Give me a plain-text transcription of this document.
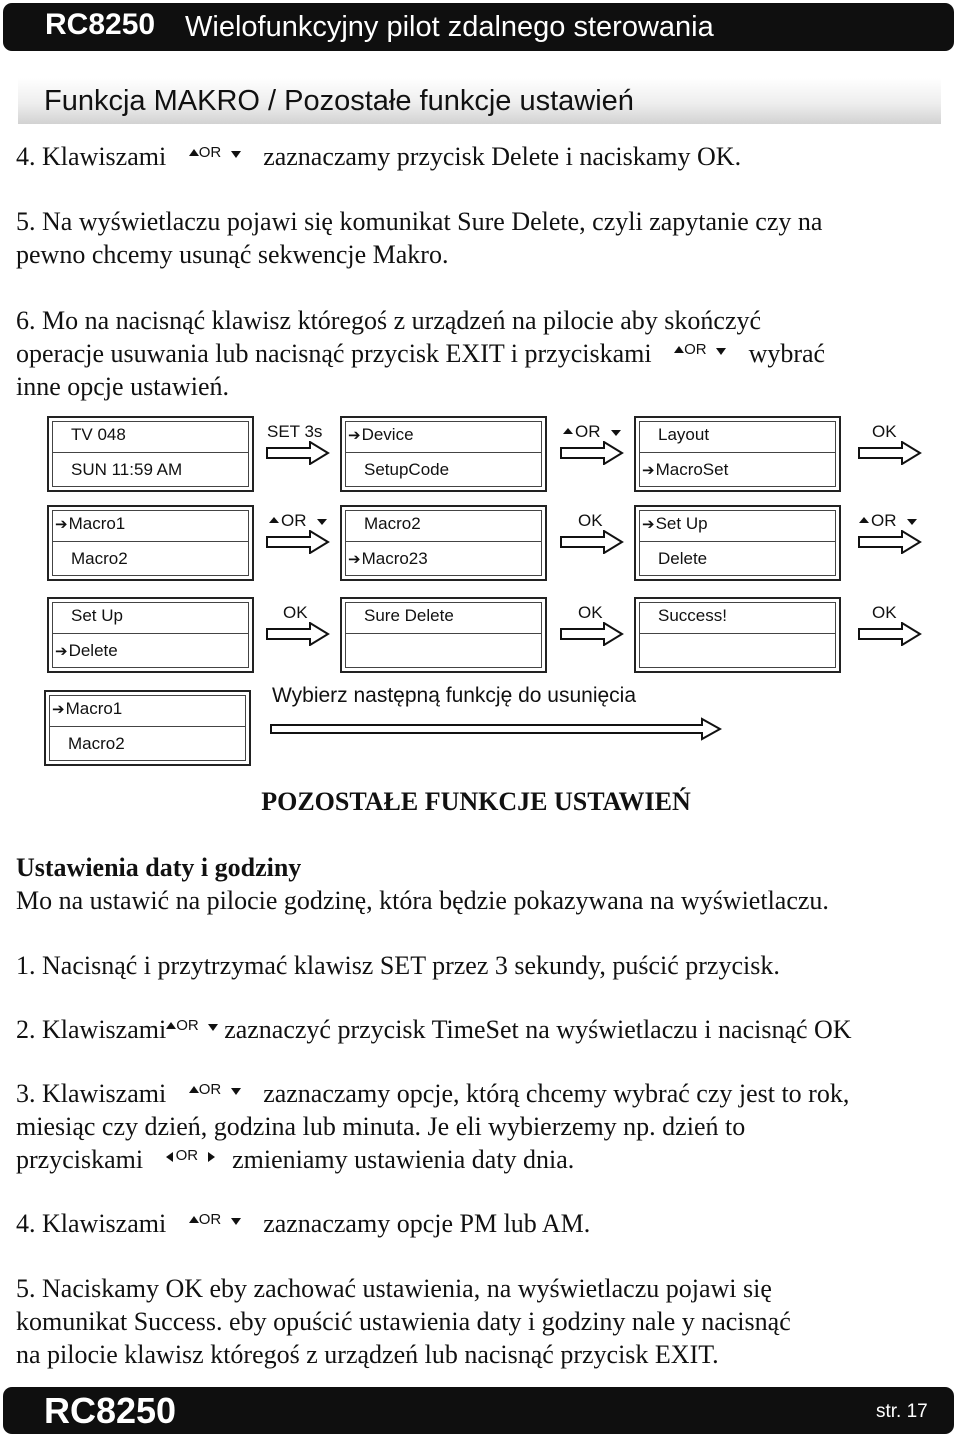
RC8250 Wielofunkcyjny pilot zdalnego sterowania
Funkcja MAKRO / Pozostałe funkcje ustawień
4. Klawiszami OR zaznaczamy przycisk Delete i naciskamy OK.
5. Na wyświetlaczu pojawi się komunikat Sure Delete, czyli zapytanie czy na
pewno chcemy usunąć sekwencje Makro.
6. Mo na nacisnąć klawisz któregoś z urządzeń na pilocie aby skończyć
operacje usuwania lub nacisnąć przycisk EXIT i przyciskami OR wybrać
inne opcje ustawień.
TV 048
SUN 11:59 AM
SET 3s ➔Device
SetupCode
OR	Layout
➔MacroSet
OK
➔Macro1
Macro2
OR	Macro2
➔Macro23
OK	➔Set Up
Delete
OR
Set Up
➔Delete
OK	Sure Delete	OK	Success!	OK
➔Macro1
Macro2
Wybierz następną funkcję do usunięcia
POZOSTAŁE FUNKCJE USTAWIEŃ
Ustawienia daty i godziny
Mo na ustawić na pilocie godzinę, która będzie pokazywana na wyświetlaczu.
1. Nacisnąć i przytrzymać klawisz SET przez 3 sekundy, puścić przycisk.
2. Klawiszami OR zaznaczyć przycisk TimeSet na wyświetlaczu i nacisnąć OK
3. Klawiszami OR zaznaczamy opcje, którą chcemy wybrać czy jest to rok,
miesiąc czy dzień, godzina lub minuta. Je eli wybierzemy np. dzień to
przyciskami OR zmieniamy ustawienia daty dnia.
4. Klawiszami OR zaznaczamy opcje PM lub AM.
5. Naciskamy OK eby zachować ustawienia, na wyświetlaczu pojawi się
komunikat Success. eby opuścić ustawienia daty i godziny nale y nacisnąć
na pilocie klawisz któregoś z urządzeń lub nacisnąć przycisk EXIT.
RC8250	str. 17
